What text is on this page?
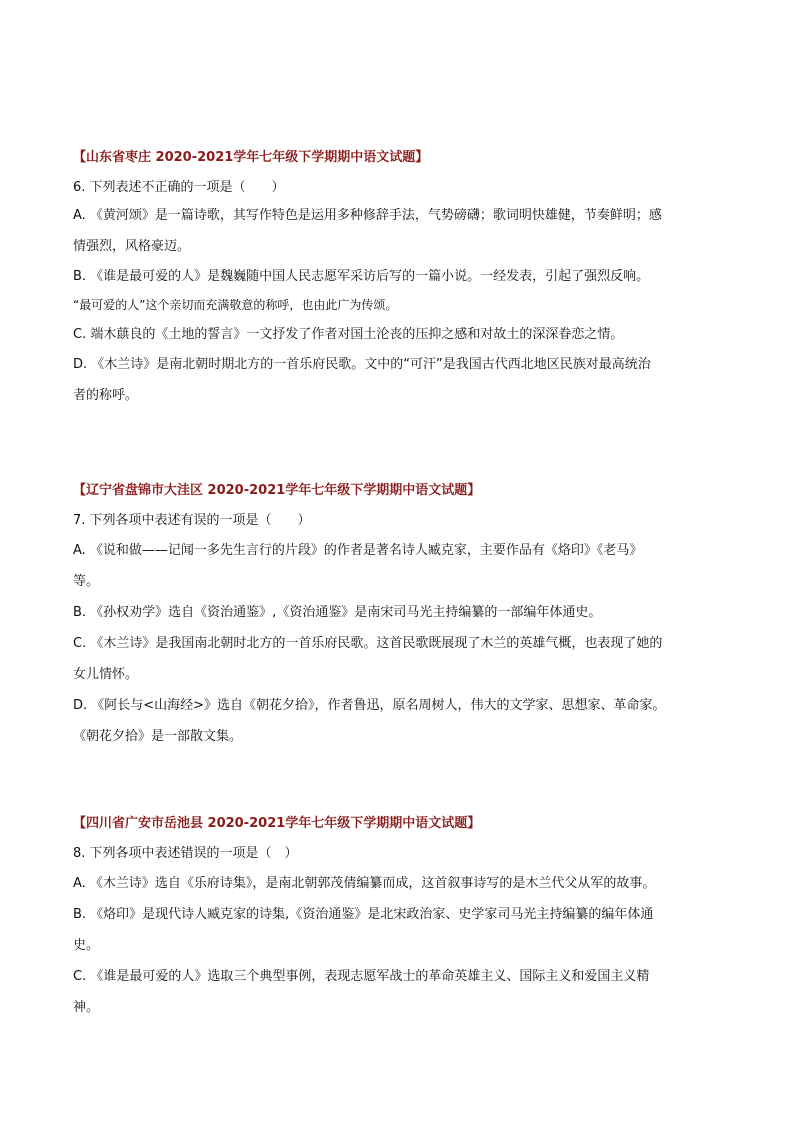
【山东省枣庄 2020-2021学年七年级下学期期中语文试题】

6. 下列表述不正确的一项是（　　）

A. 《黄河颂》是一篇诗歌，其写作特色是运用多种修辞手法，气势磅礴；歌词明快雄健，节奏鲜明；感
情强烈，风格豪迈。
B. 《谁是最可爱的人》是魏巍随中国人民志愿军采访后写的一篇小说。一经发表，引起了强烈反响。
“最可爱的人”这个亲切而充满敬意的称呼，也由此广为传颂。
C. 端木蕻良的《土地的誓言》一文抒发了作者对国土沦丧的压抑之感和对故土的深深眷恋之情。
D. 《木兰诗》是南北朝时期北方的一首乐府民歌。文中的“可汗”是我国古代西北地区民族对最高统治
者的称呼。

【辽宁省盘锦市大洼区 2020-2021学年七年级下学期期中语文试题】

7. 下列各项中表述有误的一项是（　　）

A. 《说和做——记闻一多先生言行的片段》的作者是著名诗人臧克家，主要作品有《烙印》《老马》
等。
B. 《孙权劝学》选自《资治通鉴》,《资治通鉴》是南宋司马光主持编纂的一部编年体通史。
C. 《木兰诗》是我国南北朝时北方的一首乐府民歌。这首民歌既展现了木兰的英雄气概，也表现了她的
女儿情怀。
D. 《阿长与<山海经>》选自《朝花夕拾》，作者鲁迅，原名周树人，伟大的文学家、思想家、革命家。
《朝花夕拾》是一部散文集。

【四川省广安市岳池县 2020-2021学年七年级下学期期中语文试题】

8. 下列各项中表述错误的一项是（　）

A. 《木兰诗》选自《乐府诗集》，是南北朝郭茂倩编纂而成，这首叙事诗写的是木兰代父从军的故事。
B. 《烙印》是现代诗人臧克家的诗集,《资治通鉴》是北宋政治家、史学家司马光主持编纂的编年体通
史。
C. 《谁是最可爱的人》选取三个典型事例，表现志愿军战士的革命英雄主义、国际主义和爱国主义精
神。
